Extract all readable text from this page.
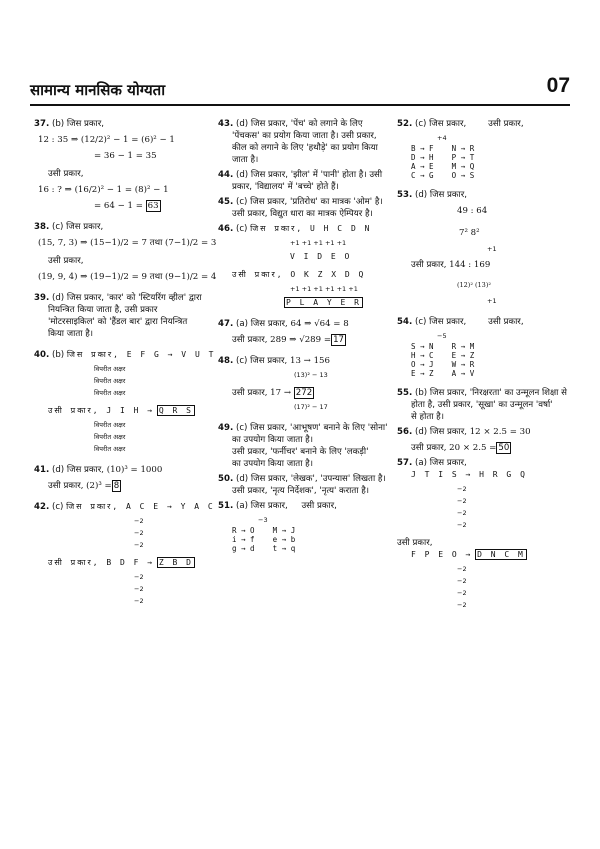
सामान्य मानसिक योग्यता	07
37. (b) जिस प्रकार,
12 : 35 ⇒ (12/2)² − 1 = (6)² − 1
= 36 − 1 = 35
उसी प्रकार,
16 : ? ⇒ (16/2)² − 1 = (8)² − 1
= 64 − 1 = 63
38. (c) जिस प्रकार,
(15, 7, 3) ⇒ (15−1)/2 = 7 तथा (7−1)/2 = 3
उसी प्रकार,
(19, 9, 4) ⇒ (19−1)/2 = 9 तथा (9−1)/2 = 4
39. (d) जिस प्रकार, 'कार' को 'स्टियरिंग व्हील' द्वारा
नियन्त्रित किया जाता है, उसी प्रकार
'मोटरसाइकिल' को 'हैंडल बार' द्वारा नियन्त्रित
किया जाता है।
40. (b) जिस प्रकार, E F G → V U T
विपरीत अक्षर
विपरीत अक्षर
विपरीत अक्षर
उसी प्रकार, J I H → Q R S
विपरीत अक्षर
विपरीत अक्षर
विपरीत अक्षर
41. (d) जिस प्रकार, (10)³ = 1000
उसी प्रकार, (2)³ = 8
42. (c) जिस प्रकार, A C E → Y A C
−2
−2
−2
उसी प्रकार, B D F → Z B D
−2
−2
−2
43. (d) जिस प्रकार, 'पेंच' को लगाने के लिए
'पेंचकस' का प्रयोग किया जाता है। उसी प्रकार,
कील को लगाने के लिए 'हथौड़े' का प्रयोग किया
जाता है।
44. (d) जिस प्रकार, 'झील' में 'पानी' होता है। उसी
प्रकार, 'विद्यालय' में 'बच्चे' होते हैं।
45. (c) जिस प्रकार, 'प्रतिरोध' का मात्रक 'ओम' है।
उसी प्रकार, विद्युत धारा का मात्रक ऐम्पियर है।
46. (c) जिस प्रकार, U H C D N
+1 +1 +1 +1 +1
V I D E O
उसी प्रकार, O K Z X D Q
+1 +1 +1 +1 +1 +1
P L A Y E R
47. (a) जिस प्रकार, 64 ⇒ √64 = 8
उसी प्रकार, 289 ⇒ √289 = 17
48. (c) जिस प्रकार, 13 → 156
(13)² − 13
उसी प्रकार, 17 → 272
(17)² − 17
49. (c) जिस प्रकार, 'आभूषण' बनाने के लिए 'सोना'
का उपयोग किया जाता है।
उसी प्रकार, 'फर्नीचर' बनाने के लिए 'लकड़ी'
का उपयोग किया जाता है।
50. (d) जिस प्रकार, 'लेखक', 'उपन्यास' लिखता है।
उसी प्रकार, 'नृत्य निर्देशक', 'नृत्य' कराता है।
51. (a) जिस प्रकार, उसी प्रकार,
−3
R → O    M → J
i → f    e → b
g → d    t → q
52. (c) जिस प्रकार,	उसी प्रकार,
+4
B → F    N → R
D → H    P → T
A → E    M → Q
C → G    O → S
53. (d) जिस प्रकार,
49 : 64
7² 8²
+1
उसी प्रकार, 144 : 169
(12)² (13)²
+1
54. (c) जिस प्रकार,	उसी प्रकार,
−5
S → N    R → M
H → C    E → Z
O → J    W → R
E → Z    A → V
55. (b) जिस प्रकार, 'निरक्षरता' का उन्मूलन शिक्षा से
होता है, उसी प्रकार, 'सूखा' का उन्मूलन 'वर्षा'
से होता है।
56. (d) जिस प्रकार, 12 × 2.5 = 30
उसी प्रकार, 20 × 2.5 = 50
57. (a) जिस प्रकार,
J T I S → H R G Q
−2
−2
−2
−2
उसी प्रकार,
F P E O → D N C M
−2
−2
−2
−2
